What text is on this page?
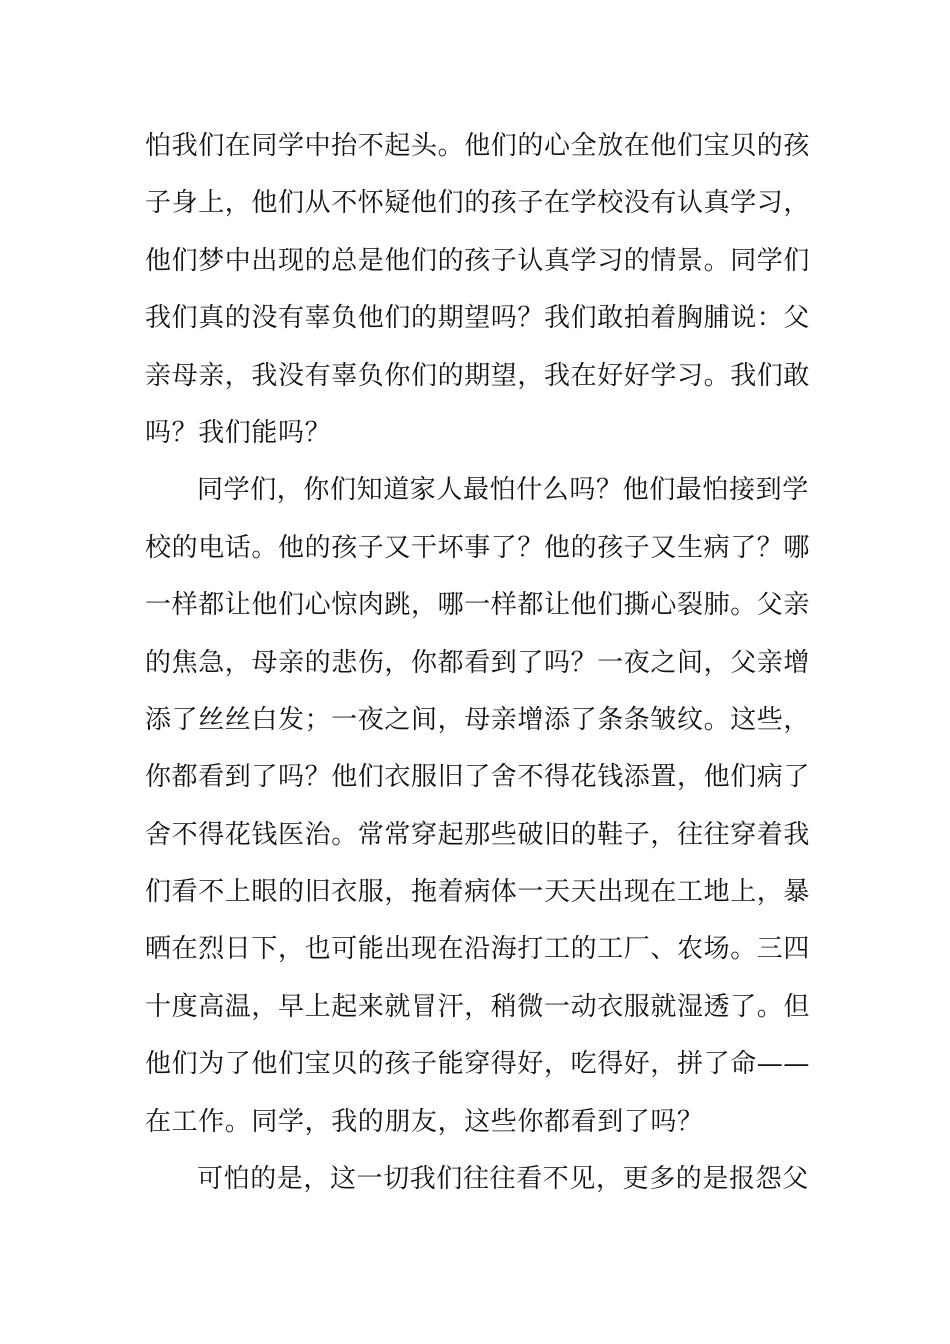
怕我们在同学中抬不起头。他们的心全放在他们宝贝的孩
子身上，他们从不怀疑他们的孩子在学校没有认真学习，
他们梦中出现的总是他们的孩子认真学习的情景。同学们
我们真的没有辜负他们的期望吗？我们敢拍着胸脯说：父
亲母亲，我没有辜负你们的期望，我在好好学习。我们敢
吗？我们能吗？
同学们，你们知道家人最怕什么吗？他们最怕接到学
校的电话。他的孩子又干坏事了？他的孩子又生病了？哪
一样都让他们心惊肉跳，哪一样都让他们撕心裂肺。父亲
的焦急，母亲的悲伤，你都看到了吗？一夜之间，父亲增
添了丝丝白发；一夜之间，母亲增添了条条皱纹。这些，
你都看到了吗？他们衣服旧了舍不得花钱添置，他们病了
舍不得花钱医治。常常穿起那些破旧的鞋子，往往穿着我
们看不上眼的旧衣服，拖着病体一天天出现在工地上，暴
晒在烈日下，也可能出现在沿海打工的工厂、农场。三四
十度高温，早上起来就冒汗，稍微一动衣服就湿透了。但
他们为了他们宝贝的孩子能穿得好，吃得好，拼了命——
在工作。同学，我的朋友，这些你都看到了吗？
可怕的是，这一切我们往往看不见，更多的是报怨父
